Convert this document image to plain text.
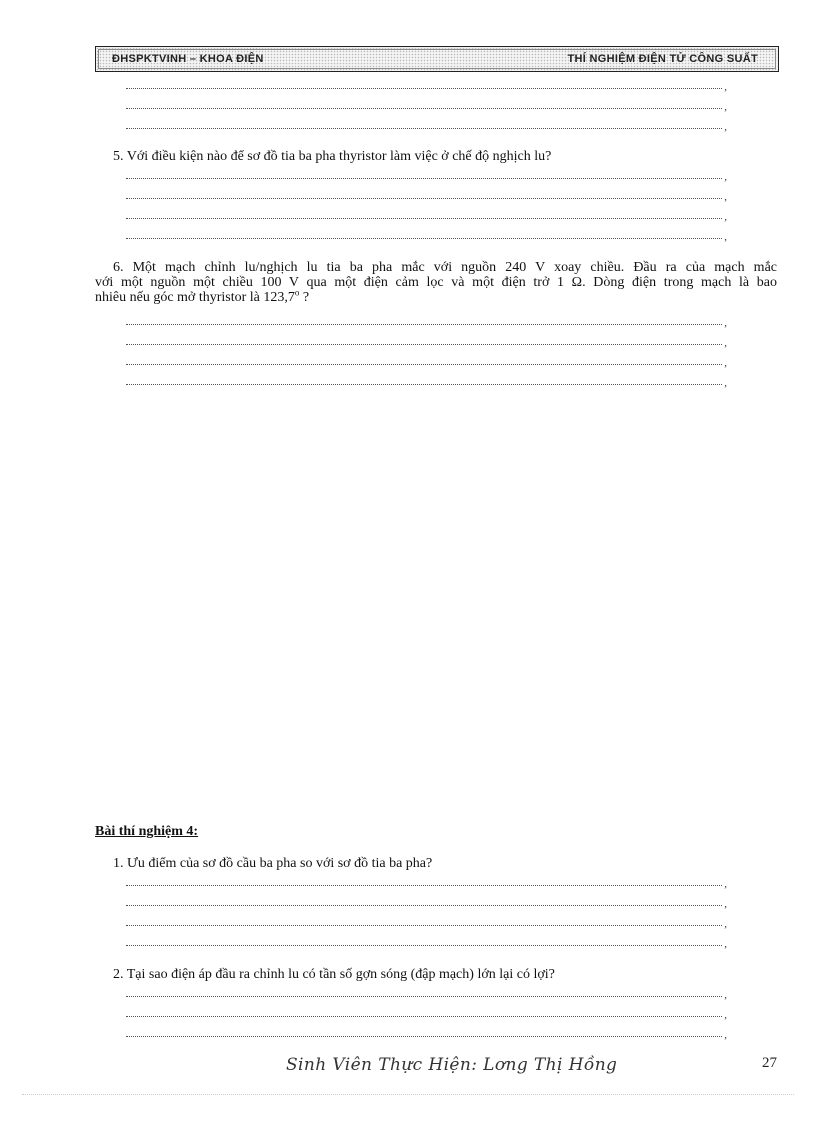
ĐHSPKTVINH – KHOA ĐIỆN	THÍ NGHIỆM ĐIỆN TỬ CÔNG SUẤT
,
,
,
5. Với điều kiện nào để sơ đồ tia ba pha thyristor làm việc ở chế độ nghịch lu?
,
,
,
,
6. Một mạch chỉnh lu/nghịch lu tia ba pha mắc với nguồn 240 V xoay chiều. Đầu ra của mạch mắc
với một nguồn một chiều 100 V qua một điện cảm lọc và một điện trở 1 Ω. Dòng điện trong mạch là bao
nhiêu nếu góc mở thyristor là 123,7$^o$ ?
,
,
,
,
Bài thí nghiệm 4:
1. Ưu điểm của sơ đồ cầu ba pha so với sơ đồ tia ba pha?
,
,
,
,
2. Tại sao điện áp đầu ra chỉnh lu có tần số gợn sóng (đập mạch) lớn lại có lợi?
,
,
,
Sinh Viên Thực Hiện: Lơng Thị Hồng	27
